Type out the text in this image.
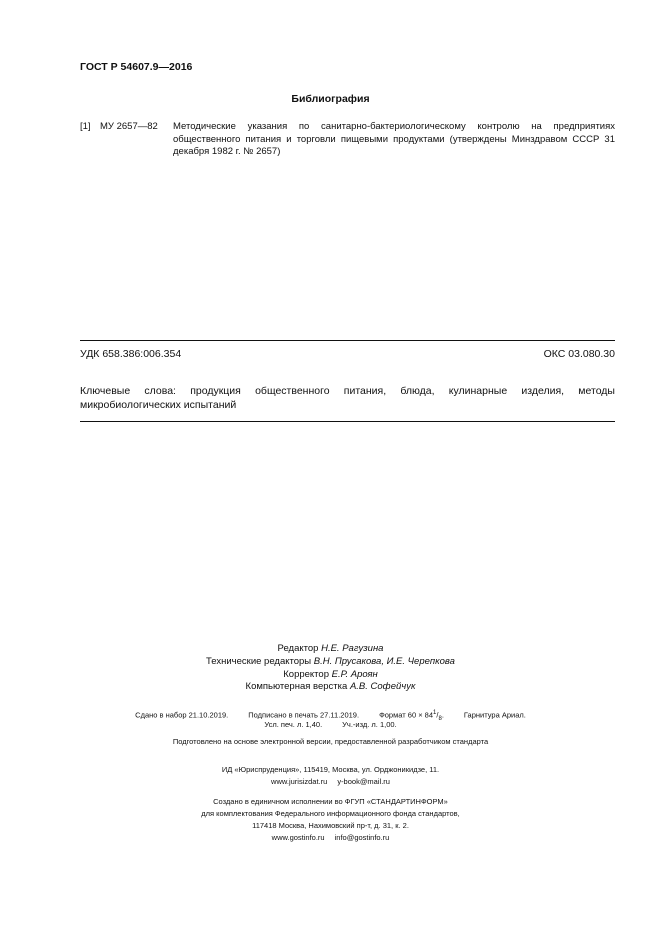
ГОСТ Р 54607.9—2016
Библиография
[1] МУ 2657—82 Методические указания по санитарно-бактериологическому контролю на предприятиях общественного питания и торговли пищевыми продуктами (утверждены Минздравом СССР 31 декабря 1982 г. № 2657)
УДК 658.386:006.354	ОКС 03.080.30
Ключевые слова: продукция общественного питания, блюда, кулинарные изделия, методы микробиологических испытаний
Редактор Н.Е. Рагузина
Технические редакторы В.Н. Прусакова, И.Е. Черепкова
Корректор Е.Р. Ароян
Компьютерная верстка А.В. Софейчук
Сдано в набор 21.10.2019.	Подписано в печать 27.11.2019.	Формат $60 \times 84^1/_8$.	Гарнитура Ариал.
Усл. печ. л. 1,40.	Уч.-изд. л. 1,00.
Подготовлено на основе электронной версии, предоставленной разработчиком стандарта
ИД «Юриспруденция», 115419, Москва, ул. Орджоникидзе, 11.
www.jurisizdat.ru y-book@mail.ru
Создано в единичном исполнении во ФГУП «СТАНДАРТИНФОРМ»
для комплектования Федерального информационного фонда стандартов,
117418 Москва, Нахимовский пр-т, д. 31, к. 2.
www.gostinfo.ru info@gostinfo.ru
